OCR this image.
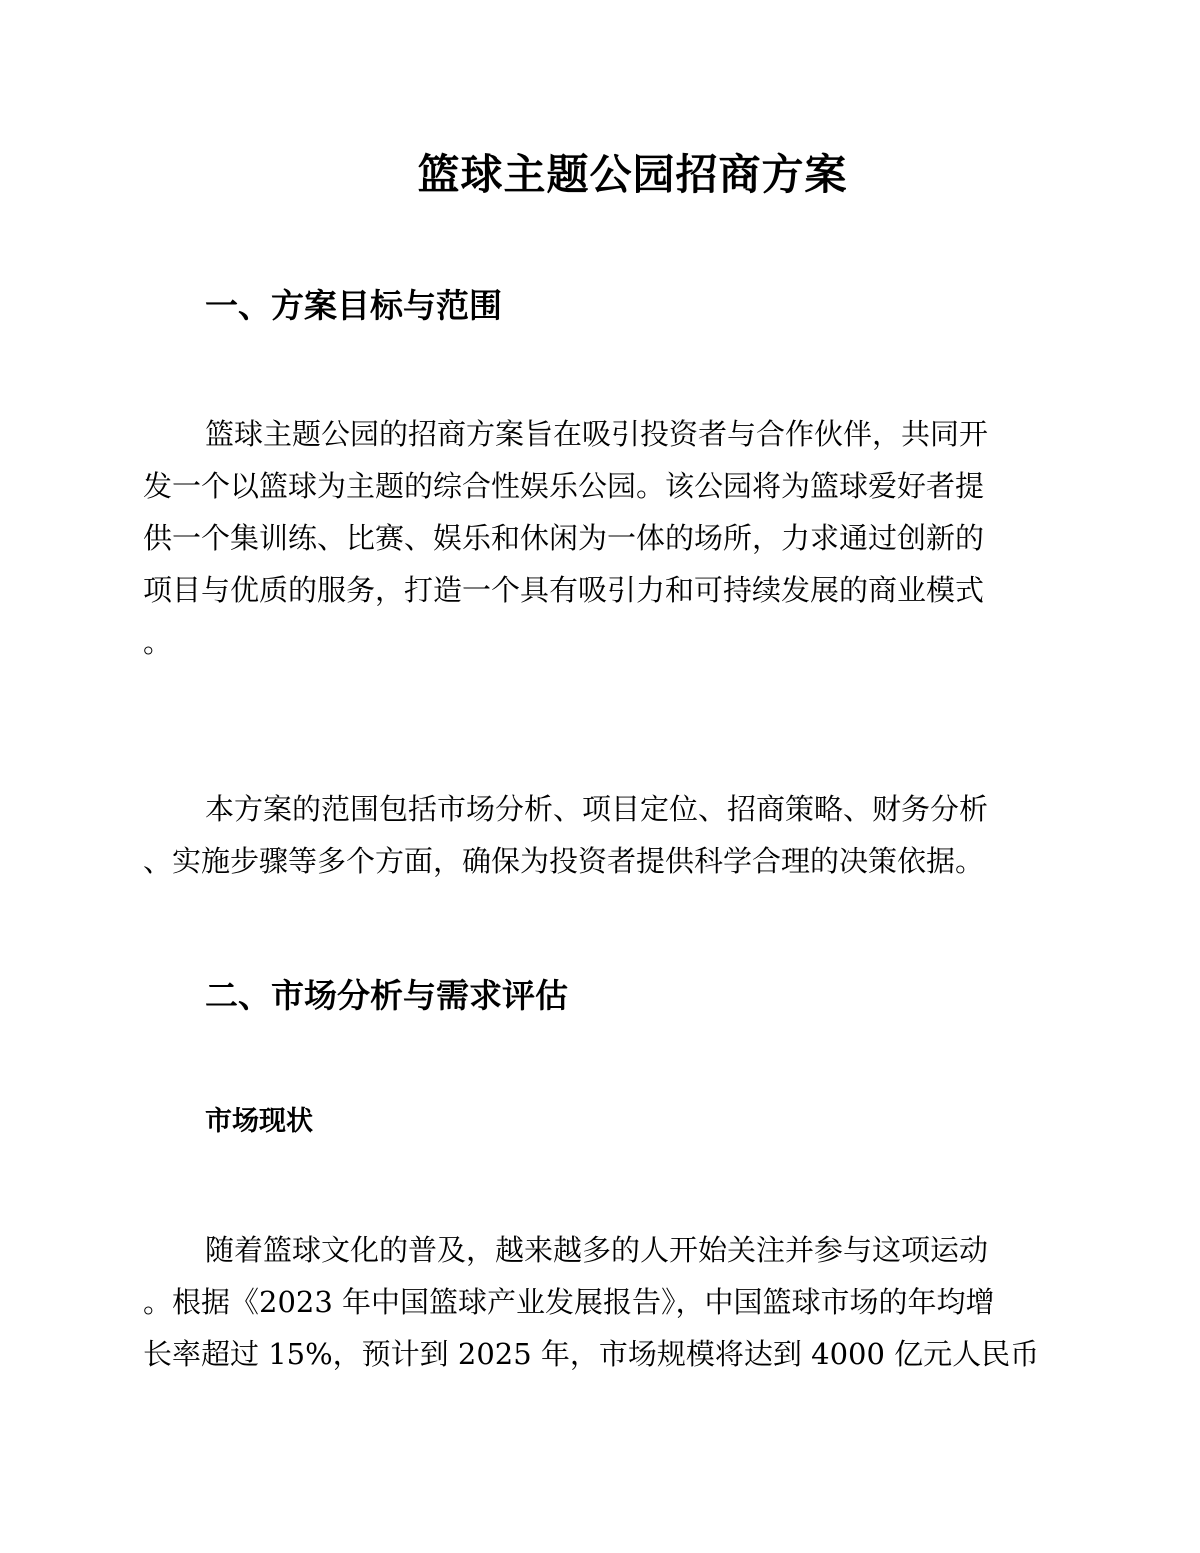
篮球主题公园招商方案
一、方案目标与范围

篮球主题公园的招商方案旨在吸引投资者与合作伙伴，共同开
发一个以篮球为主题的综合性娱乐公园。该公园将为篮球爱好者提
供一个集训练、比赛、娱乐和休闲为一体的场所，力求通过创新的
项目与优质的服务，打造一个具有吸引力和可持续发展的商业模式
。

本方案的范围包括市场分析、项目定位、招商策略、财务分析
、实施步骤等多个方面，确保为投资者提供科学合理的决策依据。

二、市场分析与需求评估
市场现状

随着篮球文化的普及，越来越多的人开始关注并参与这项运动
。根据《2023 年中国篮球产业发展报告》，中国篮球市场的年均增
长率超过 15%，预计到 2025 年，市场规模将达到 4000 亿元人民币
